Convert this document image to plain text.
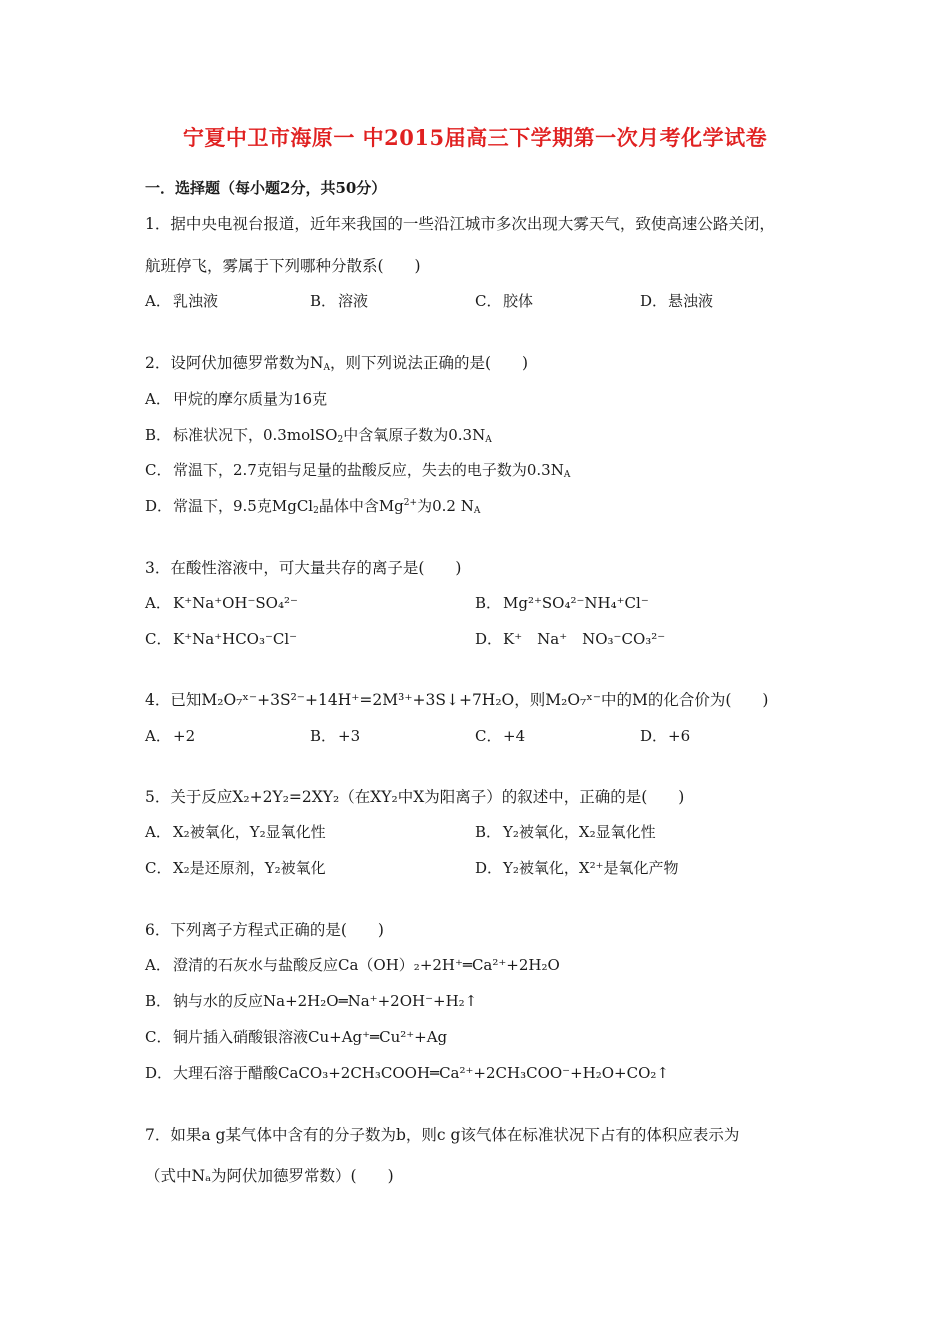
宁夏中卫市海原一 中2015届高三下学期第一次月考化学试卷
一．选择题（每小题2分，共50分）
1．据中央电视台报道，近年来我国的一些沿江城市多次出现大雾天气，致使高速公路关闭，
航班停飞，雾属于下列哪种分散系(　　)
A． 乳浊液	B． 溶液	C． 胶体	D．悬浊液
2．设阿伏加德罗常数为$N_A$，则下列说法正确的是(　　)
A． 甲烷的摩尔质量为16克
B． 标准状况下，0.3molSO$_2$中含氧原子数为$0.3N_A$
C． 常温下，2.7克铝与足量的盐酸反应，失去的电子数为$0.3N_A$
D．常温下，9.5克MgCl$_2$晶体中含$Mg^{2+}$为0.2 $N_A$
3．在酸性溶液中，可大量共存的离子是(　　)
A． K⁺Na⁺OH⁻SO₄²⁻	B． Mg²⁺SO₄²⁻NH₄⁺Cl⁻
C． K⁺Na⁺HCO₃⁻Cl⁻	D．K⁺　Na⁺　NO₃⁻CO₃²⁻
4．已知M₂O₇ˣ⁻+3S²⁻+14H⁺=2M³⁺+3S↓+7H₂O，则M₂O₇ˣ⁻中的M的化合价为(　　)
A． +2	B． +3	C． +4	D．+6
5．关于反应X₂+2Y₂=2XY₂（在XY₂中X为阳离子）的叙述中，正确的是(　　)
A． X₂被氧化，Y₂显氧化性	B． Y₂被氧化，X₂显氧化性
C． X₂是还原剂，Y₂被氧化	D．Y₂被氧化，X²⁺是氧化产物
6．下列离子方程式正确的是(　　)
A． 澄清的石灰水与盐酸反应Ca（OH）₂+2H⁺═Ca²⁺+2H₂O
B． 钠与水的反应Na+2H₂O═Na⁺+2OH⁻+H₂↑
C． 铜片插入硝酸银溶液Cu+Ag⁺═Cu²⁺+Ag
D．大理石溶于醋酸CaCO₃+2CH₃COOH═Ca²⁺+2CH₃COO⁻+H₂O+CO₂↑
7．如果a g某气体中含有的分子数为b，则c g该气体在标准状况下占有的体积应表示为
（式中Nₐ为阿伏加德罗常数）(　　)
